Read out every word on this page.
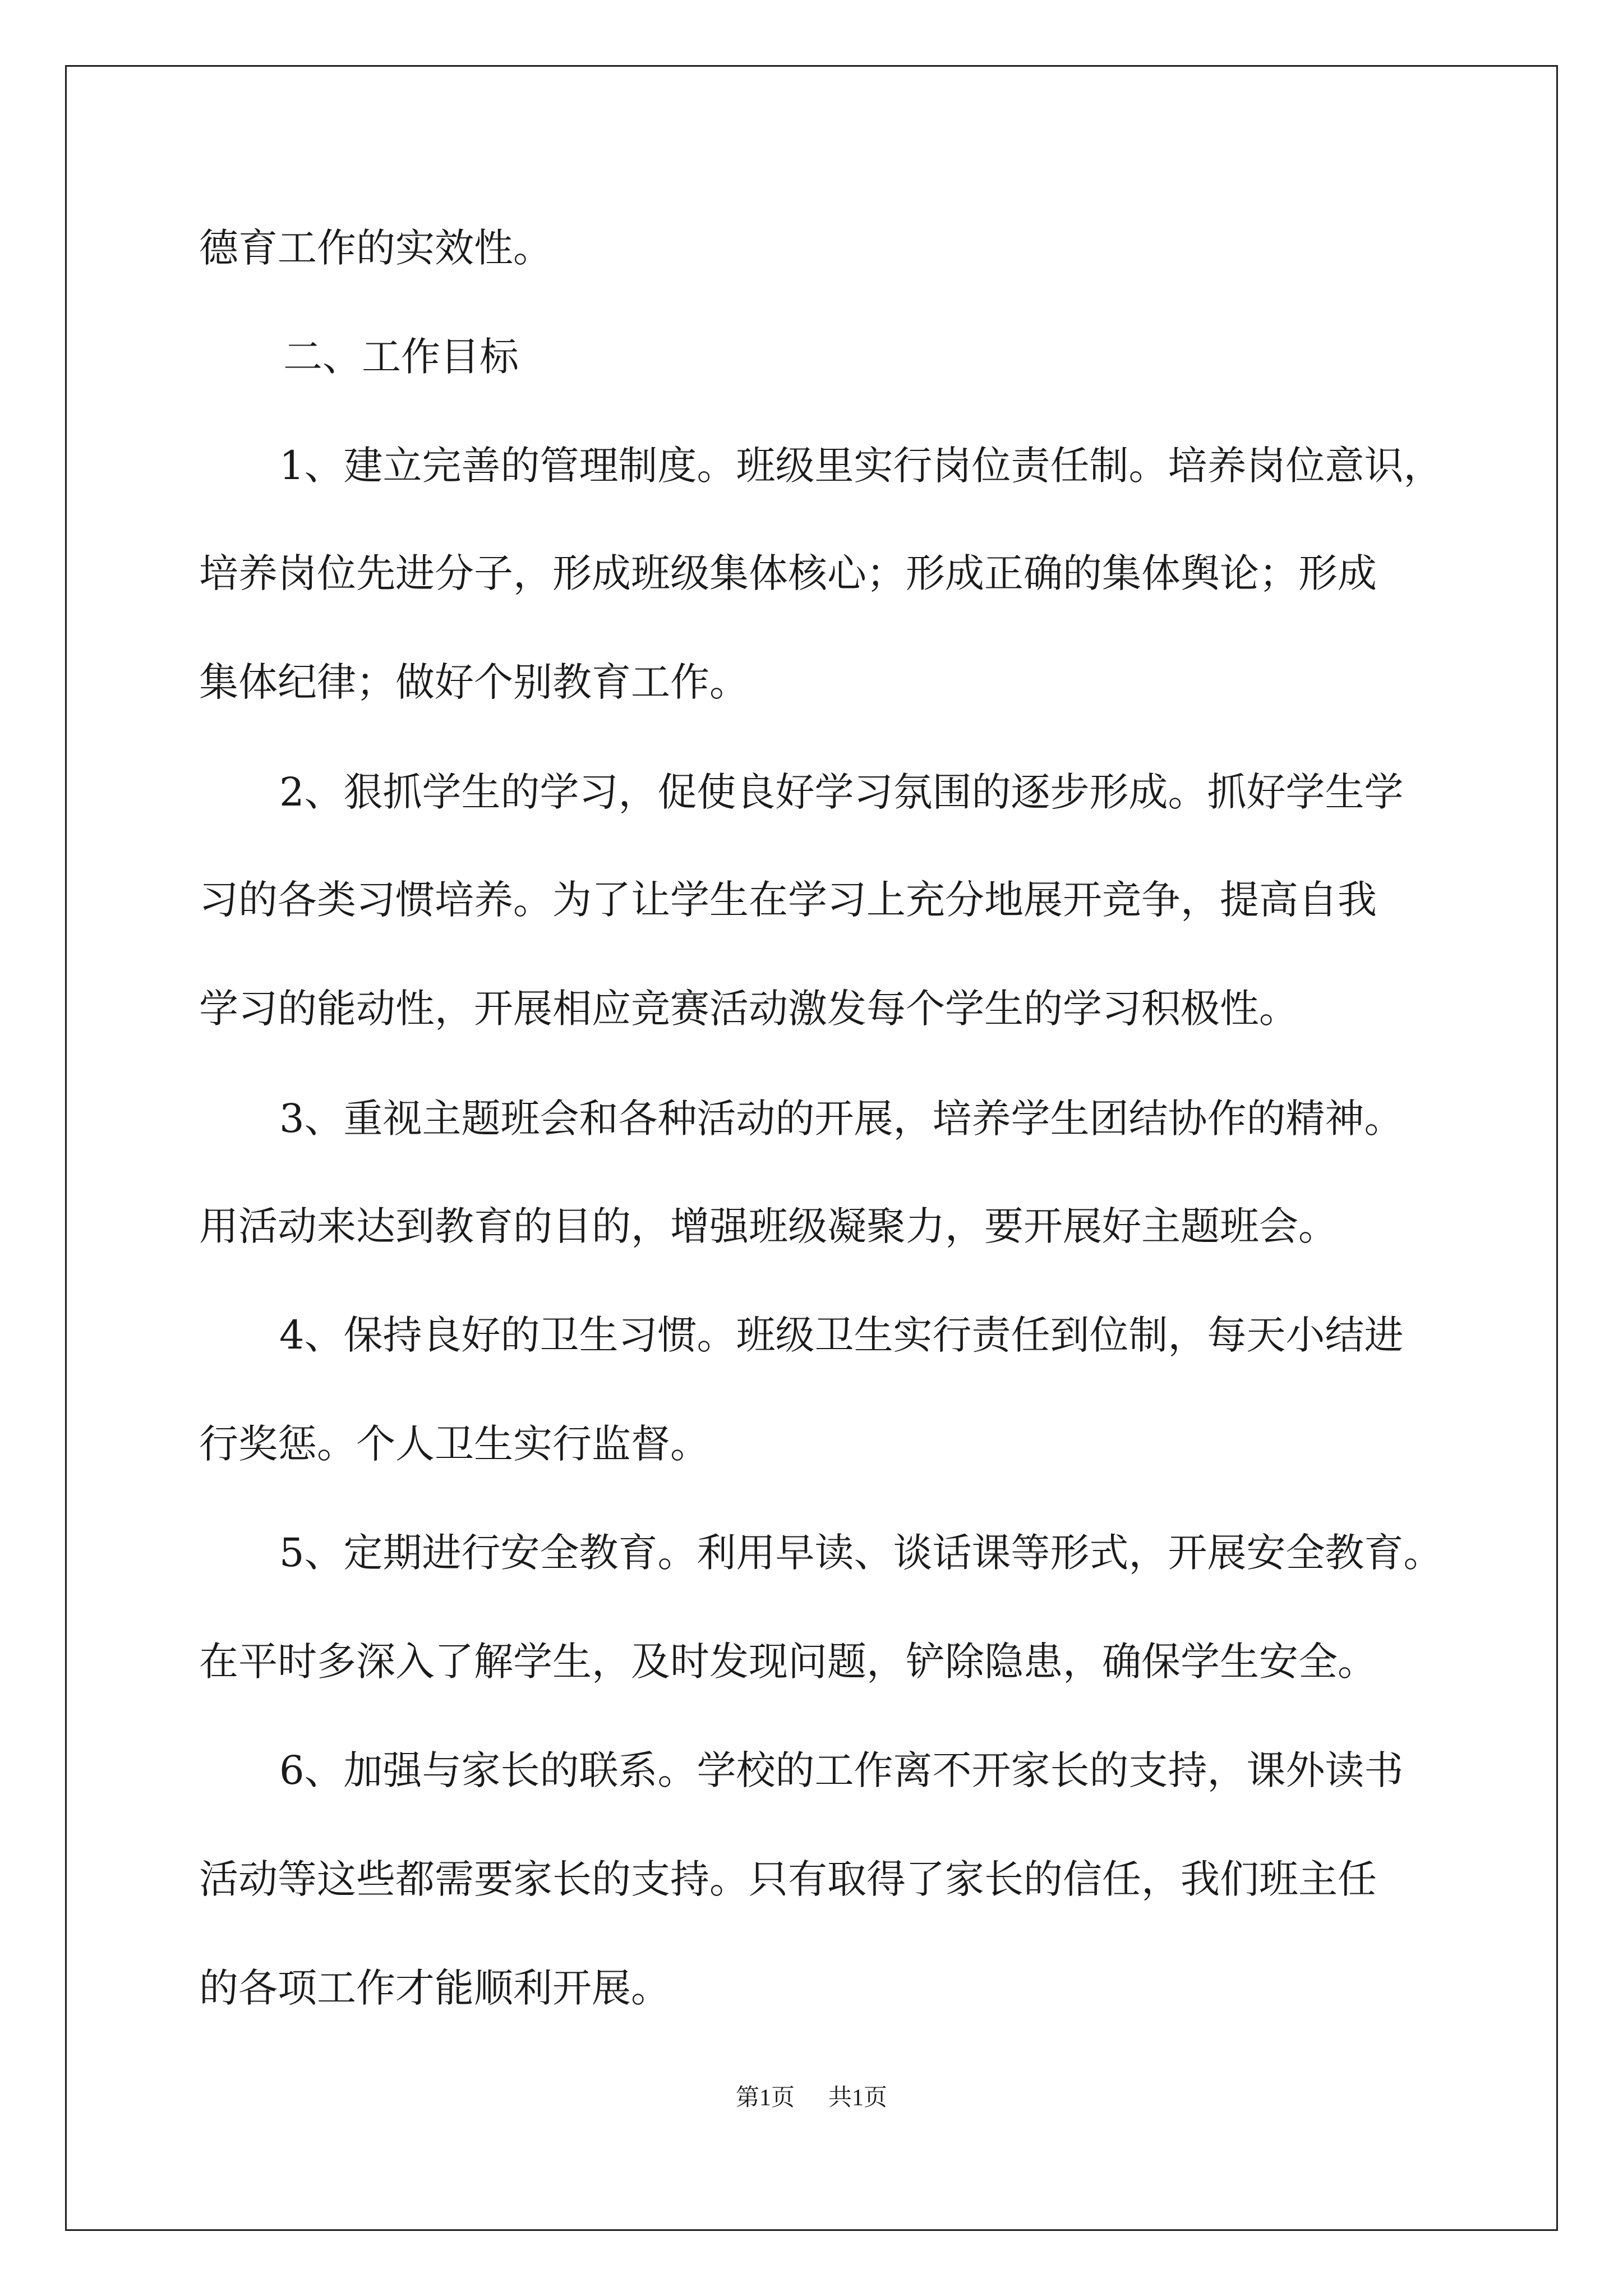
德育工作的实效性。

二、工作目标

1、建立完善的管理制度。班级里实行岗位责任制。培养岗位意识，

培养岗位先进分子，形成班级集体核心；形成正确的集体舆论；形成

集体纪律；做好个别教育工作。

2、狠抓学生的学习，促使良好学习氛围的逐步形成。抓好学生学

习的各类习惯培养。为了让学生在学习上充分地展开竞争，提高自我

学习的能动性，开展相应竞赛活动激发每个学生的学习积极性。

3、重视主题班会和各种活动的开展，培养学生团结协作的精神。

用活动来达到教育的目的，增强班级凝聚力，要开展好主题班会。

4、保持良好的卫生习惯。班级卫生实行责任到位制，每天小结进

行奖惩。个人卫生实行监督。

5、定期进行安全教育。利用早读、谈话课等形式，开展安全教育。

在平时多深入了解学生，及时发现问题，铲除隐患，确保学生安全。

6、加强与家长的联系。学校的工作离不开家长的支持，课外读书

活动等这些都需要家长的支持。只有取得了家长的信任，我们班主任

的各项工作才能顺利开展。

第1页 共1页
